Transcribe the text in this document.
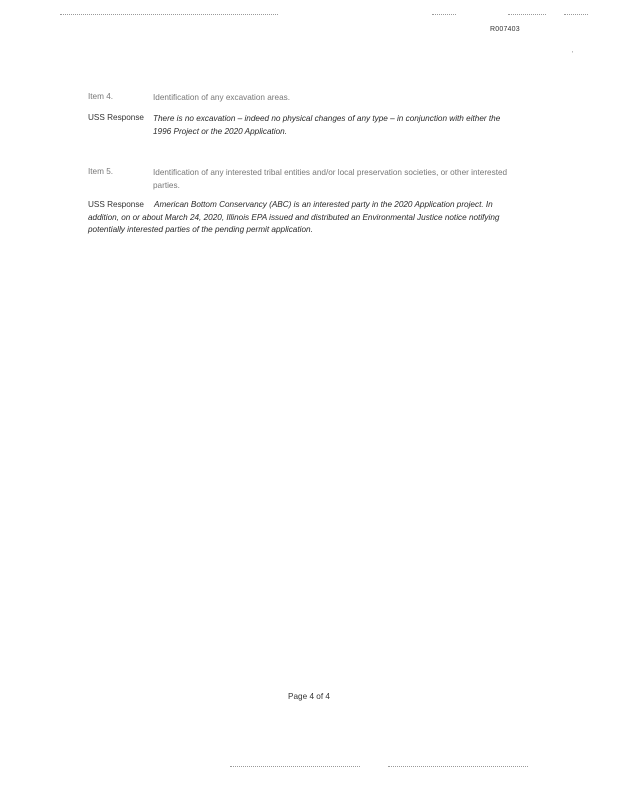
R007403
ˌ
Item 4.	Identification of any excavation areas.
USS Response	There is no excavation – indeed no physical changes of any type – in conjunction with either the 1996 Project or the 2020 Application.
Item 5.	Identification of any interested tribal entities and/or local preservation societies, or other interested parties.
USS Response American Bottom Conservancy (ABC) is an interested party in the 2020 Application project. In addition, on or about March 24, 2020, Illinois EPA issued and distributed an Environmental Justice notice notifying potentially interested parties of the pending permit application.
Page 4 of 4
